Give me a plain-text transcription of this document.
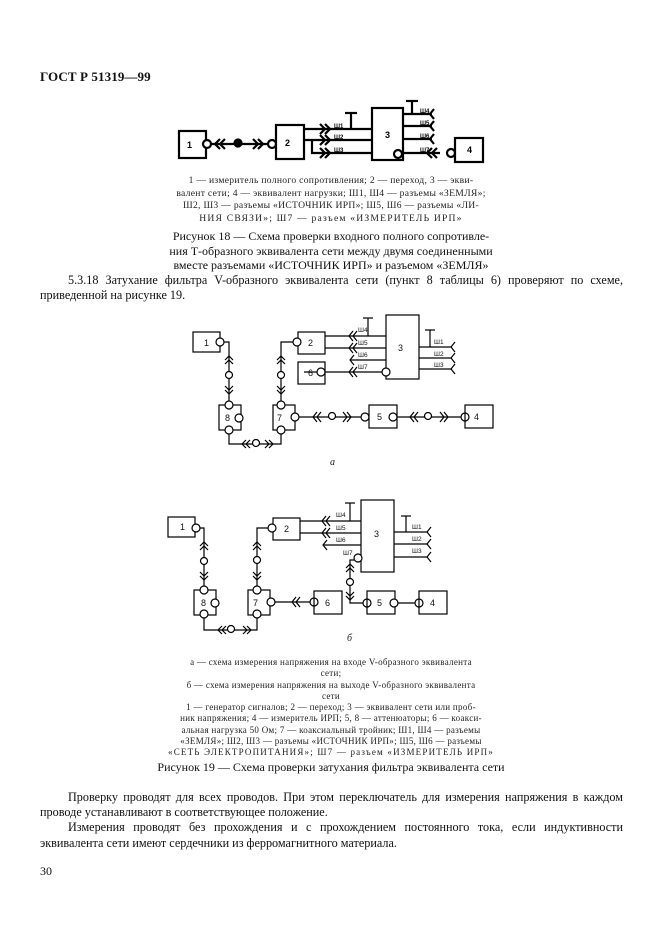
ГОСТ Р 51319—99
1	2
3
4
Ш1
Ш2
Ш3
Ш4
Ш5
Ш6
Ш7
1 — измеритель полного сопротивления; 2 — переход, 3 — экви-
валент сети; 4 — эквивалент нагрузки; Ш1, Ш4 — разъемы «ЗЕМЛЯ»;
Ш2, Ш3 — разъемы «ИСТОЧНИК ИРП»; Ш5, Ш6 — разъемы «ЛИ-
НИЯ СВЯЗИ»; Ш7 — разъем «ИЗМЕРИТЕЛЬ ИРП»
Рисунок 18 — Схема проверки входного полного сопротивле-
ния Т-образного эквивалента сети между двумя соединенными
вместе разъемами «ИСТОЧНИК ИРП» и разъемом «ЗЕМЛЯ»
5.3.18 Затухание фильтра V-образного эквивалента сети (пункт 8 таблицы 6) проверяют по схеме, приведенной на рисунке 19.
1	2	3
4
5
6
7
8
Ш4
Ш5
Ш6
Ш7
Ш1
Ш2
Ш3
1	2	3
4
5
6
7
8
Ш4
Ш5
Ш6
Ш7
Ш1
Ш2
Ш3
а
б
а — схема измерения напряжения на входе V-образного эквивалента
сети;
б — схема измерения напряжения на выходе V-образного эквивалента
сети
1 — генератор сигналов; 2 — переход; 3 — эквивалент сети или проб-
ник напряжения; 4 — измеритель ИРП; 5, 8 — аттенюаторы; 6 — коакси-
альная нагрузка 50 Ом; 7 — коаксиальный тройник; Ш1, Ш4 — разъемы
«ЗЕМЛЯ»; Ш2, Ш3 — разъемы «ИСТОЧНИК ИРП»; Ш5, Ш6 — разъемы
«СЕТЬ ЭЛЕКТРОПИТАНИЯ»; Ш7 — разъем «ИЗМЕРИТЕЛЬ ИРП»
Рисунок 19 — Схема проверки затухания фильтра эквивалента сети
Проверку проводят для всех проводов. При этом переключатель для измерения напряжения в каждом проводе устанавливают в соответствующее положение.
Измерения проводят без прохождения и с прохождением постоянного тока, если индуктивности эквивалента сети имеют сердечники из ферромагнитного материала.
30
